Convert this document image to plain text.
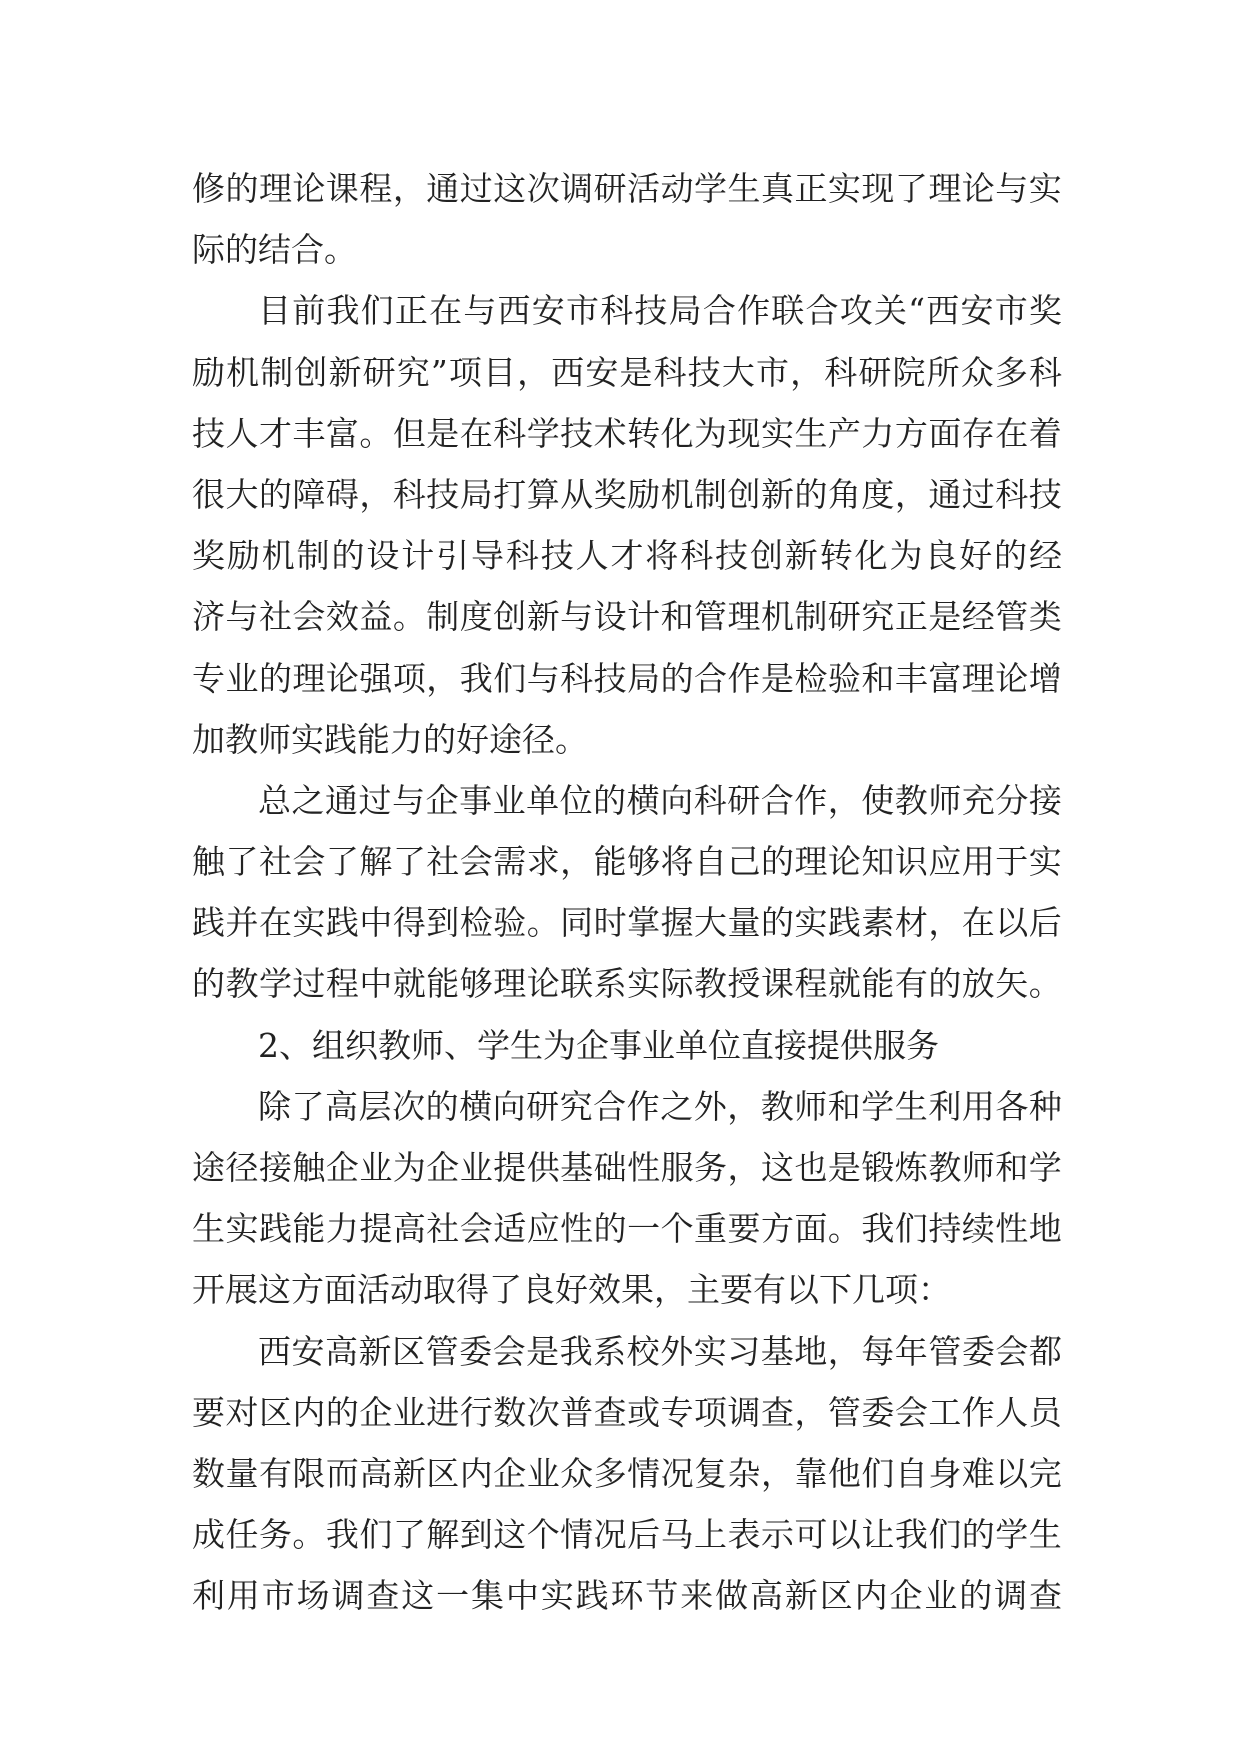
修 的 理 论 课 程 ， 通 过 这 次 调 研 活 动 学 生 真 正 实 现 了 理 论 与 实
际 的 结 合 。
目 前 我 们 正 在 与 西 安 市 科 技 局 合 作 联 合 攻 关 “ 西 安 市 奖
励 机 制 创 新 研 究 ” 项 目 ， 西 安 是 科 技 大 市 ， 科 研 院 所 众 多 科
技 人 才 丰 富 。 但 是 在 科 学 技 术 转 化 为 现 实 生 产 力 方 面 存 在 着
很 大 的 障 碍 ， 科 技 局 打 算 从 奖 励 机 制 创 新 的 角 度 ， 通 过 科 技
奖 励 机 制 的 设 计 引 导 科 技 人 才 将 科 技 创 新 转 化 为 良 好 的 经
济 与 社 会 效 益 。 制 度 创 新 与 设 计 和 管 理 机 制 研 究 正 是 经 管 类
专 业 的 理 论 强 项 ， 我 们 与 科 技 局 的 合 作 是 检 验 和 丰 富 理 论 增
加 教 师 实 践 能 力 的 好 途 径 。
总 之 通 过 与 企 事 业 单 位 的 横 向 科 研 合 作 ， 使 教 师 充 分 接
触 了 社 会 了 解 了 社 会 需 求 ， 能 够 将 自 己 的 理 论 知 识 应 用 于 实
践 并 在 实 践 中 得 到 检 验 。 同 时 掌 握 大 量 的 实 践 素 材 ， 在 以 后
的 教 学 过 程 中 就 能 够 理 论 联 系 实 际 教 授 课 程 就 能 有 的 放 矢 。
2 、 组 织 教 师 、 学 生 为 企 事 业 单 位 直 接 提 供 服 务
除 了 高 层 次 的 横 向 研 究 合 作 之 外 ， 教 师 和 学 生 利 用 各 种
途 径 接 触 企 业 为 企 业 提 供 基 础 性 服 务 ， 这 也 是 锻 炼 教 师 和 学
生 实 践 能 力 提 高 社 会 适 应 性 的 一 个 重 要 方 面 。 我 们 持 续 性 地
开 展 这 方 面 活 动 取 得 了 良 好 效 果 ， 主 要 有 以 下 几 项 ：
西 安 高 新 区 管 委 会 是 我 系 校 外 实 习 基 地 ， 每 年 管 委 会 都
要 对 区 内 的 企 业 进 行 数 次 普 查 或 专 项 调 查 ， 管 委 会 工 作 人 员
数 量 有 限 而 高 新 区 内 企 业 众 多 情 况 复 杂 ， 靠 他 们 自 身 难 以 完
成 任 务 。 我 们 了 解 到 这 个 情 况 后 马 上 表 示 可 以 让 我 们 的 学 生
利 用 市 场 调 查 这 一 集 中 实 践 环 节 来 做 高 新 区 内 企 业 的 调 查
